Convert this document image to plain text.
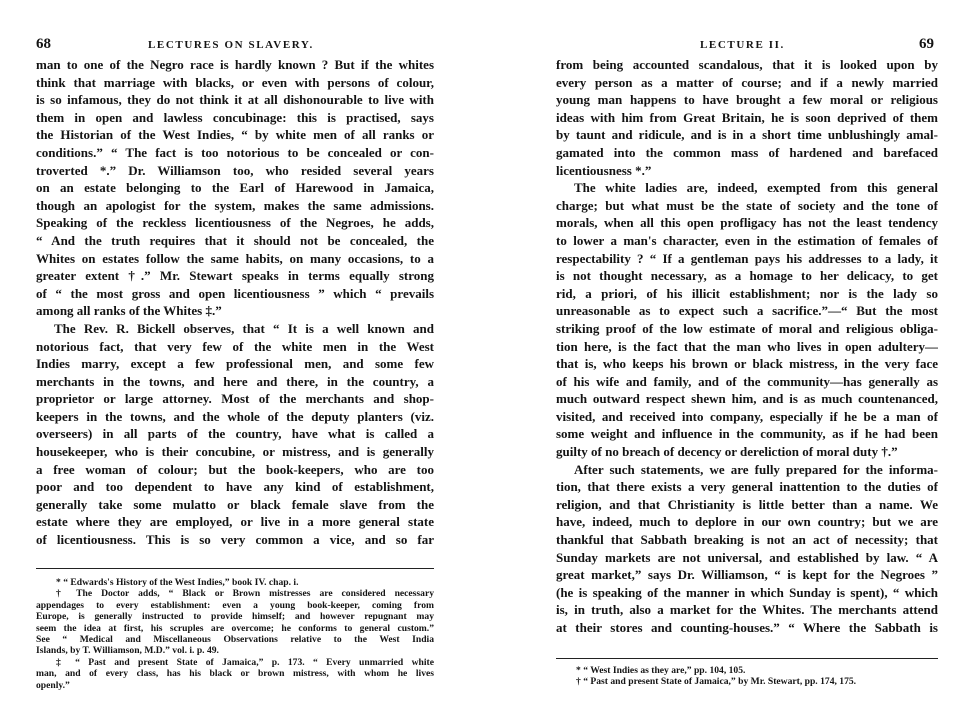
68	LECTURES ON SLAVERY.
man to one of the Negro race is hardly known ? But if the whites
think that marriage with blacks, or even with persons of colour,
is so infamous, they do not think it at all dishonourable to live with
them in open and lawless concubinage: this is practised, says
the Historian of the West Indies, “ by white men of all ranks or
conditions.” “ The fact is too notorious to be concealed or con-
troverted *.” Dr. Williamson too, who resided several years
on an estate belonging to the Earl of Harewood in Jamaica,
though an apologist for the system, makes the same admissions.
Speaking of the reckless licentiousness of the Negroes, he adds,
“ And the truth requires that it should not be concealed, the
Whites on estates follow the same habits, on many occasions, to a
greater extent †.” Mr. Stewart speaks in terms equally strong
of “ the most gross and open licentiousness ” which “ prevails
among all ranks of the Whites ‡.”
The Rev. R. Bickell observes, that “ It is a well known and
notorious fact, that very few of the white men in the West
Indies marry, except a few professional men, and some few
merchants in the towns, and here and there, in the country, a
proprietor or large attorney. Most of the merchants and shop-
keepers in the towns, and the whole of the deputy planters (viz.
overseers) in all parts of the country, have what is called a
housekeeper, who is their concubine, or mistress, and is generally
a free woman of colour; but the book-keepers, who are too
poor and too dependent to have any kind of establishment,
generally take some mulatto or black female slave from the
estate where they are employed, or live in a more general state
of licentiousness. This is so very common a vice, and so far
* “ Edwards's History of the West Indies,” book IV. chap. i.
† The Doctor adds, “ Black or Brown mistresses are considered necessary
appendages to every establishment: even a young book-keeper, coming from
Europe, is generally instructed to provide himself; and however repugnant may
seem the idea at first, his scruples are overcome; he conforms to general custom.”
See “ Medical and Miscellaneous Observations relative to the West India
Islands, by T. Williamson, M.D.” vol. i. p. 49.
‡ “ Past and present State of Jamaica,” p. 173. “ Every unmarried white
man, and of every class, has his black or brown mistress, with whom he lives
openly.”
LECTURE II.	69
from being accounted scandalous, that it is looked upon by
every person as a matter of course; and if a newly married
young man happens to have brought a few moral or religious
ideas with him from Great Britain, he is soon deprived of them
by taunt and ridicule, and is in a short time unblushingly amal-
gamated into the common mass of hardened and barefaced
licentiousness *.”
The white ladies are, indeed, exempted from this general
charge; but what must be the state of society and the tone of
morals, when all this open profligacy has not the least tendency
to lower a man's character, even in the estimation of females of
respectability ? “ If a gentleman pays his addresses to a lady, it
is not thought necessary, as a homage to her delicacy, to get
rid, a priori, of his illicit establishment; nor is the lady so
unreasonable as to expect such a sacrifice.”—“ But the most
striking proof of the low estimate of moral and religious obliga-
tion here, is the fact that the man who lives in open adultery—
that is, who keeps his brown or black mistress, in the very face
of his wife and family, and of the community—has generally as
much outward respect shewn him, and is as much countenanced,
visited, and received into company, especially if he be a man of
some weight and influence in the community, as if he had been
guilty of no breach of decency or dereliction of moral duty †.”
After such statements, we are fully prepared for the informa-
tion, that there exists a very general inattention to the duties of
religion, and that Christianity is little better than a name. We
have, indeed, much to deplore in our own country; but we are
thankful that Sabbath breaking is not an act of necessity; that
Sunday markets are not universal, and established by law. “ A
great market,” says Dr. Williamson, “ is kept for the Negroes ”
(he is speaking of the manner in which Sunday is spent), “ which
is, in truth, also a market for the Whites. The merchants attend
at their stores and counting-houses.” “ Where the Sabbath is
* “ West Indies as they are,” pp. 104, 105.
† “ Past and present State of Jamaica,” by Mr. Stewart, pp. 174, 175.
